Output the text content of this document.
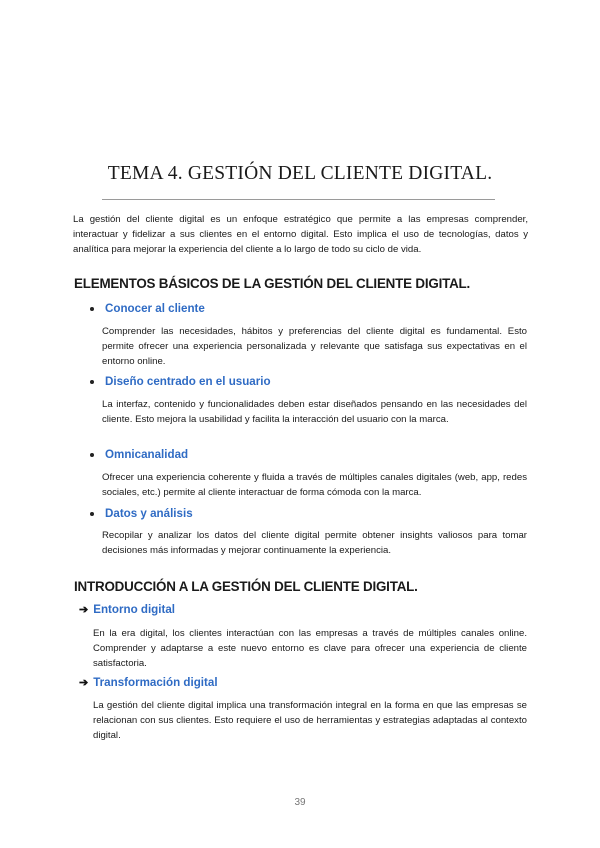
TEMA 4. GESTIÓN DEL CLIENTE DIGITAL.

La gestión del cliente digital es un enfoque estratégico que permite a las empresas comprender, interactuar y fidelizar a sus clientes en el entorno digital. Esto implica el uso de tecnologías, datos y analítica para mejorar la experiencia del cliente a lo largo de todo su ciclo de vida.

ELEMENTOS BÁSICOS DE LA GESTIÓN DEL CLIENTE DIGITAL.
Conocer al cliente

Comprender las necesidades, hábitos y preferencias del cliente digital es fundamental. Esto permite ofrecer una experiencia personalizada y relevante que satisfaga sus expectativas en el entorno online.

Diseño centrado en el usuario

La interfaz, contenido y funcionalidades deben estar diseñados pensando en las necesidades del cliente. Esto mejora la usabilidad y facilita la interacción del usuario con la marca.

Omnicanalidad

Ofrecer una experiencia coherente y fluida a través de múltiples canales digitales (web, app, redes sociales, etc.) permite al cliente interactuar de forma cómoda con la marca.

Datos y análisis

Recopilar y analizar los datos del cliente digital permite obtener insights valiosos para tomar decisiones más informadas y mejorar continuamente la experiencia.

INTRODUCCIÓN A LA GESTIÓN DEL CLIENTE DIGITAL.
➔ Entorno digital

En la era digital, los clientes interactúan con las empresas a través de múltiples canales online. Comprender y adaptarse a este nuevo entorno es clave para ofrecer una experiencia de cliente satisfactoria.

➔ Transformación digital

La gestión del cliente digital implica una transformación integral en la forma en que las empresas se relacionan con sus clientes. Esto requiere el uso de herramientas y estrategias adaptadas al contexto digital.

39
